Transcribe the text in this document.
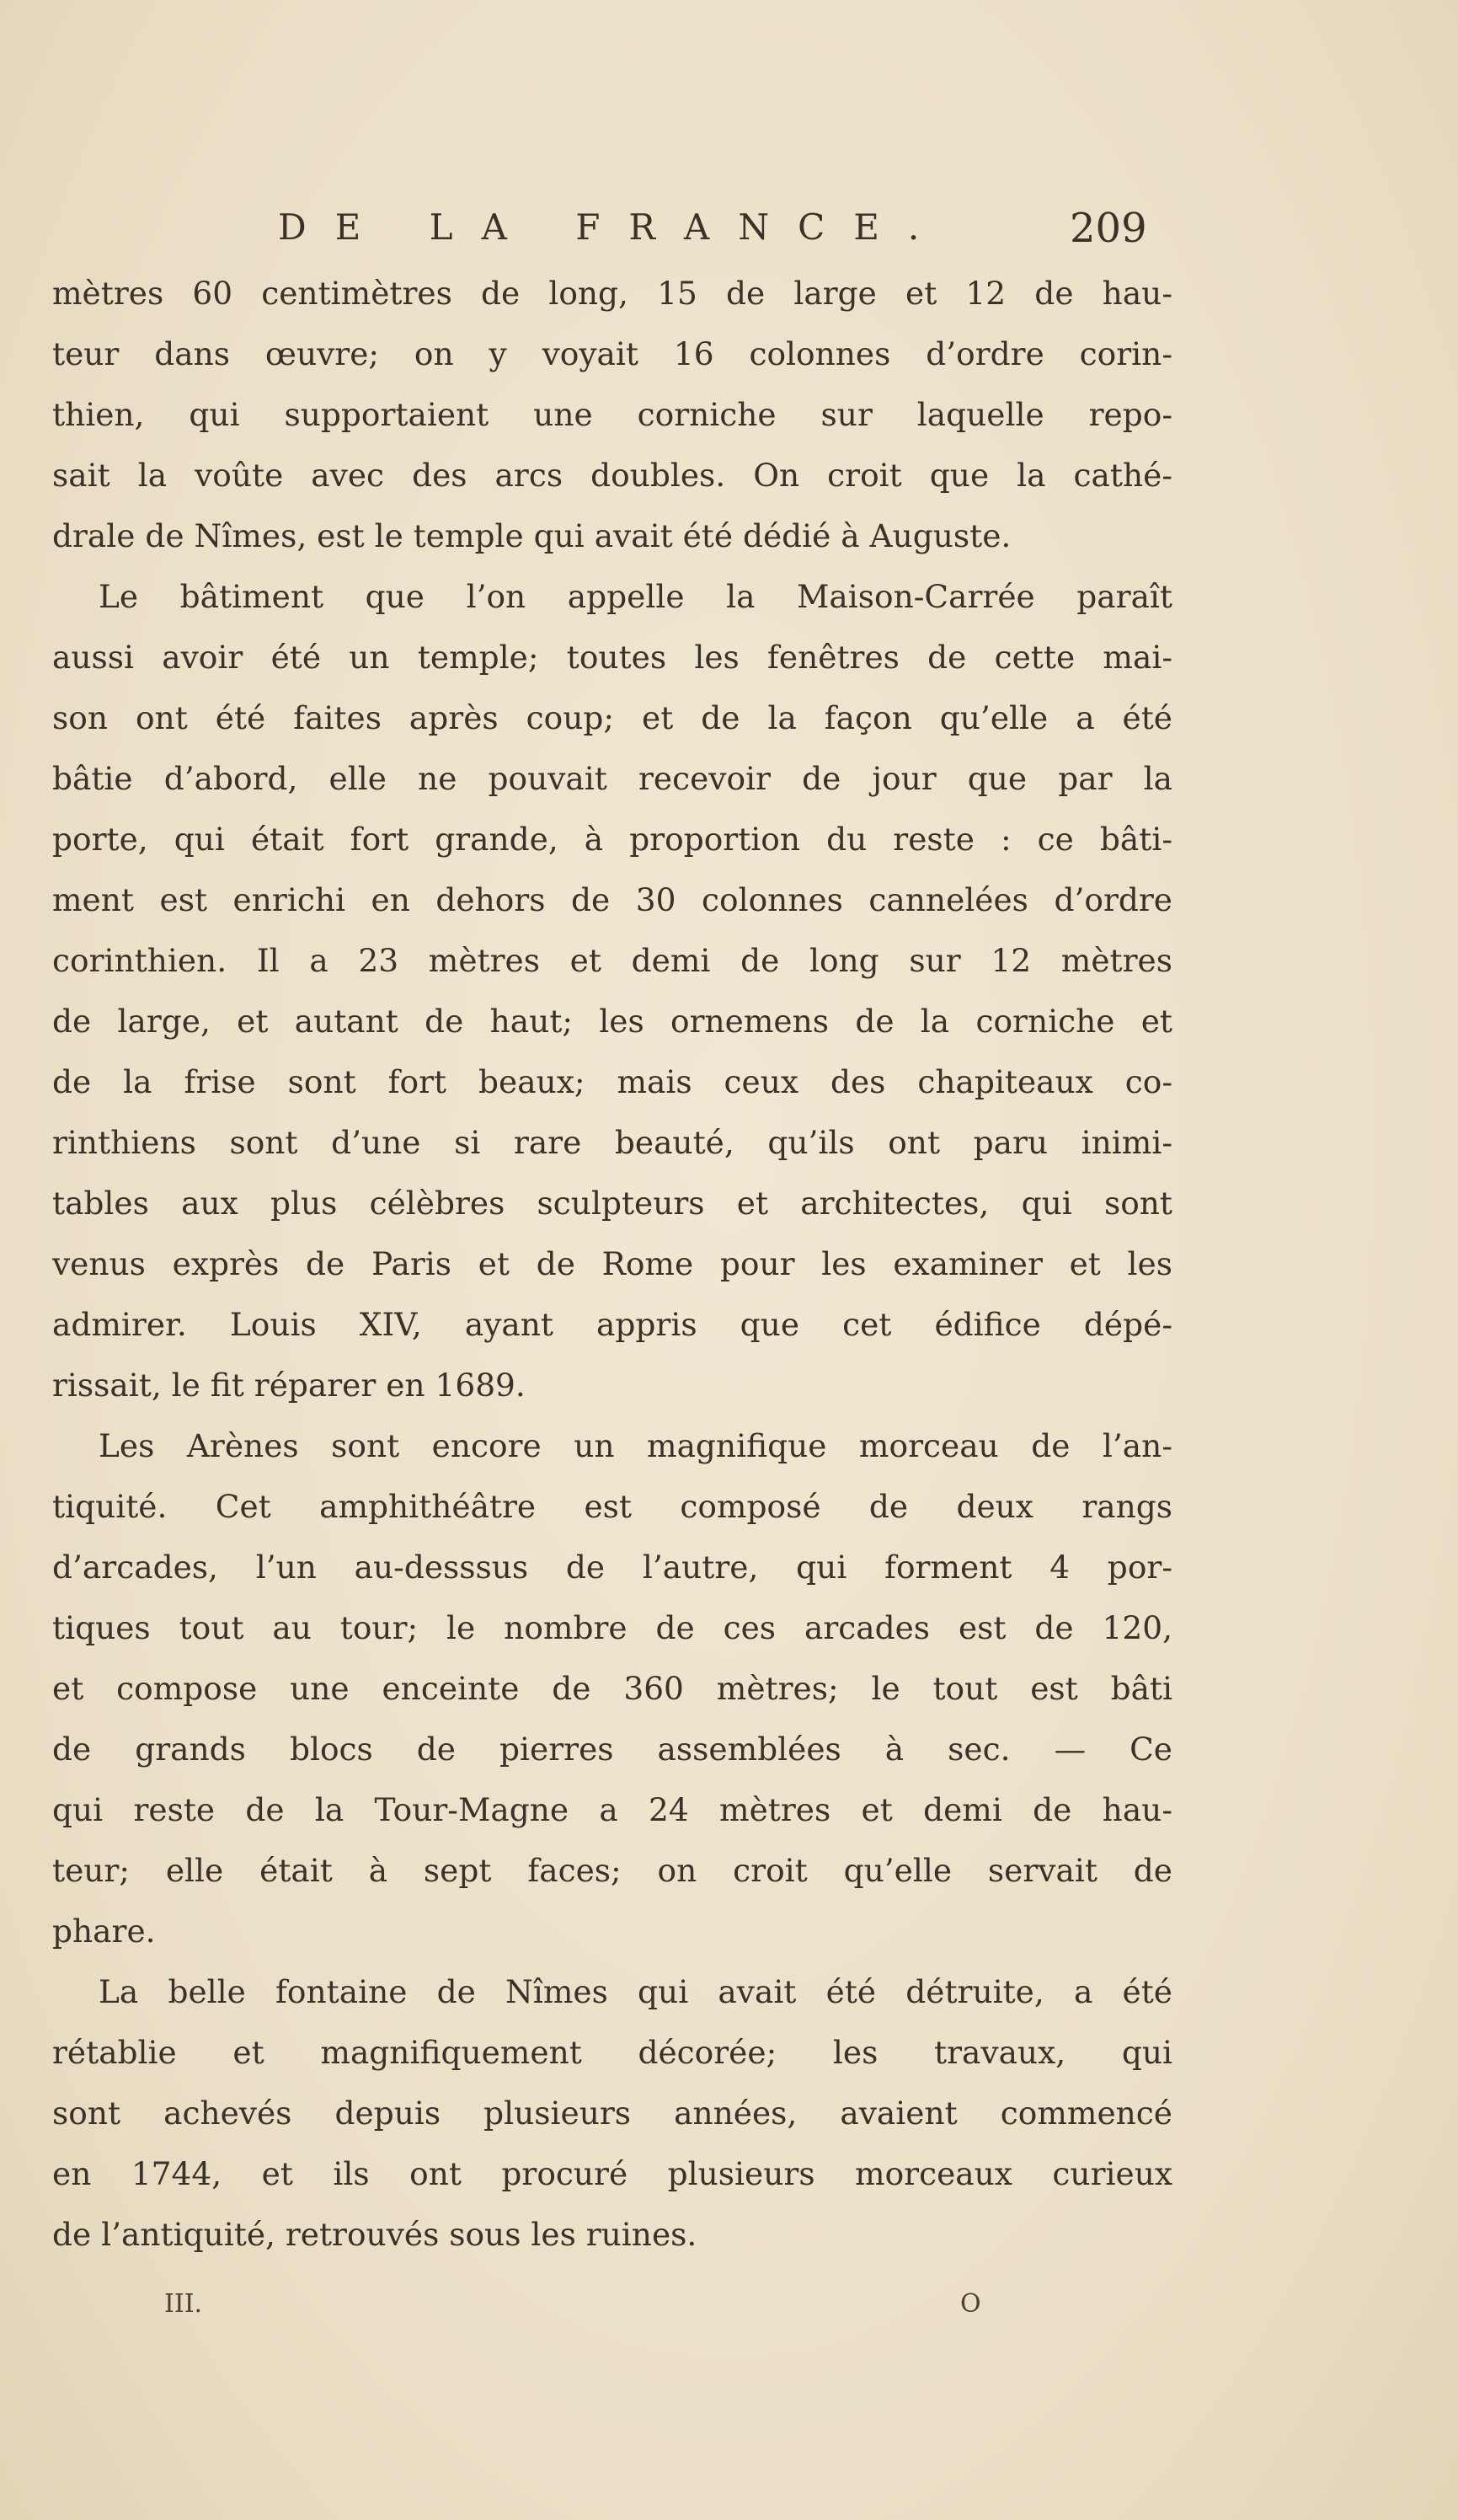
DE LA FRANCE.	209
mètres 60 centimètres de long, 15 de large et 12 de hau-
teur dans œuvre; on y voyait 16 colonnes d’ordre corin-
thien, qui supportaient une corniche sur laquelle repo-
sait la voûte avec des arcs doubles. On croit que la cathé-
drale de Nîmes, est le temple qui avait été dédié à Auguste.
Le bâtiment que l’on appelle la Maison-Carrée paraît
aussi avoir été un temple; toutes les fenêtres de cette mai-
son ont été faites après coup; et de la façon qu’elle a été
bâtie d’abord, elle ne pouvait recevoir de jour que par la
porte, qui était fort grande, à proportion du reste : ce bâti-
ment est enrichi en dehors de 30 colonnes cannelées d’ordre
corinthien. Il a 23 mètres et demi de long sur 12 mètres
de large, et autant de haut; les ornemens de la corniche et
de la frise sont fort beaux; mais ceux des chapiteaux co-
rinthiens sont d’une si rare beauté, qu’ils ont paru inimi-
tables aux plus célèbres sculpteurs et architectes, qui sont
venus exprès de Paris et de Rome pour les examiner et les
admirer. Louis XIV, ayant appris que cet édifice dépé-
rissait, le fit réparer en 1689.
Les Arènes sont encore un magnifique morceau de l’an-
tiquité. Cet amphithéâtre est composé de deux rangs
d’arcades, l’un au-desssus de l’autre, qui forment 4 por-
tiques tout au tour; le nombre de ces arcades est de 120,
et compose une enceinte de 360 mètres; le tout est bâti
de grands blocs de pierres assemblées à sec. — Ce
qui reste de la Tour-Magne a 24 mètres et demi de hau-
teur; elle était à sept faces; on croit qu’elle servait de
phare.
La belle fontaine de Nîmes qui avait été détruite, a été
rétablie et magnifiquement décorée; les travaux, qui
sont achevés depuis plusieurs années, avaient commencé
en 1744, et ils ont procuré plusieurs morceaux curieux
de l’antiquité, retrouvés sous les ruines.
III.	O
